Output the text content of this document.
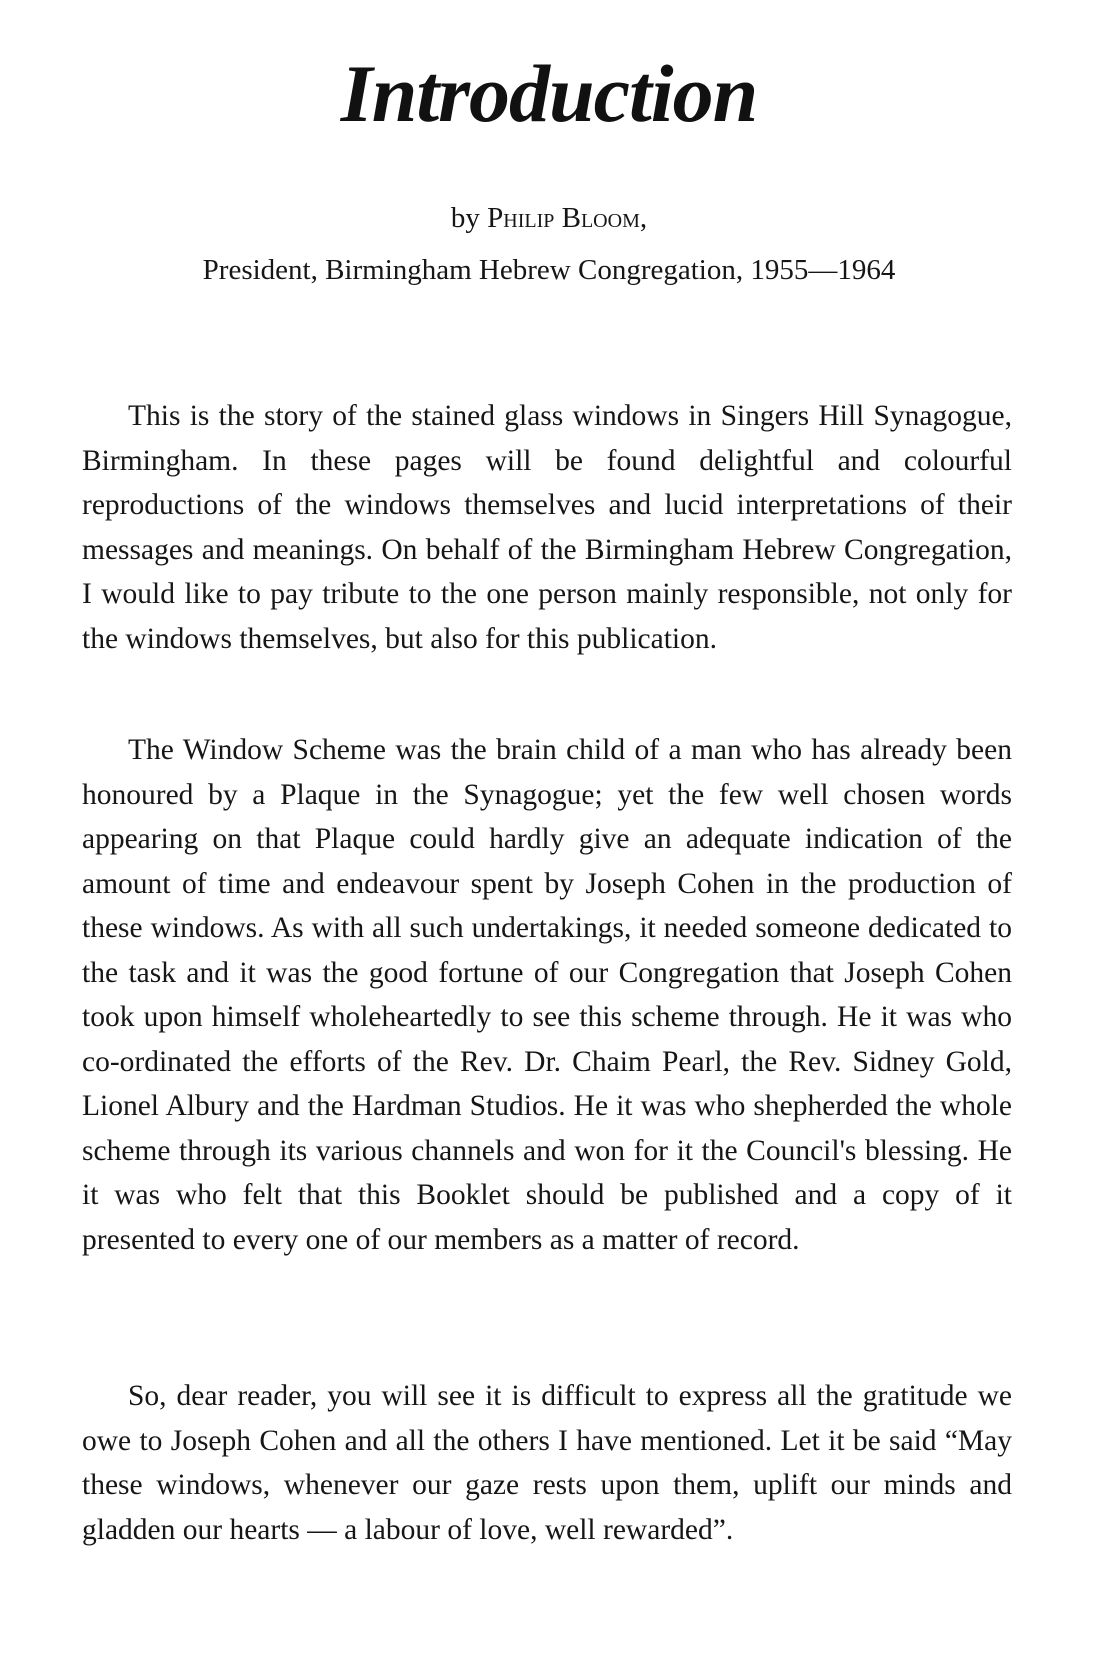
Introduction
by Philip Bloom,
President, Birmingham Hebrew Congregation, 1955—1964

This is the story of the stained glass windows in Singers Hill Synagogue, Birmingham. In these pages will be found delightful and colourful reproductions of the windows themselves and lucid interpretations of their messages and meanings. On behalf of the Birmingham Hebrew Congregation, I would like to pay tribute to the one person mainly responsible, not only for the windows themselves, but also for this publication.

The Window Scheme was the brain child of a man who has already been honoured by a Plaque in the Synagogue; yet the few well chosen words appearing on that Plaque could hardly give an adequate indication of the amount of time and endeavour spent by Joseph Cohen in the production of these windows. As with all such undertakings, it needed someone dedicated to the task and it was the good fortune of our Congregation that Joseph Cohen took upon himself wholeheartedly to see this scheme through. He it was who co-ordinated the efforts of the Rev. Dr. Chaim Pearl, the Rev. Sidney Gold, Lionel Albury and the Hardman Studios. He it was who shepherded the whole scheme through its various channels and won for it the Council's blessing. He it was who felt that this Booklet should be published and a copy of it presented to every one of our members as a matter of record.

So, dear reader, you will see it is difficult to express all the gratitude we owe to Joseph Cohen and all the others I have mentioned. Let it be said “May these windows, whenever our gaze rests upon them, uplift our minds and gladden our hearts — a labour of love, well rewarded”.
